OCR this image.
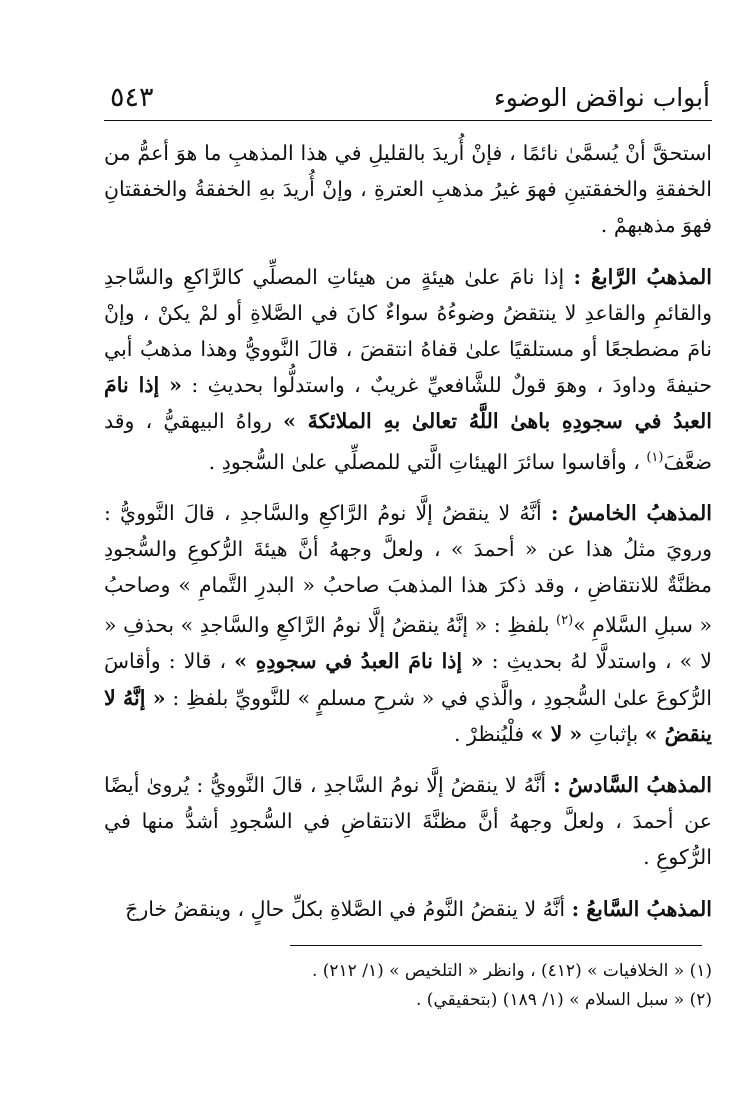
أبواب نواقض الوضوء
٥٤٣

استحقَّ أنْ يُسمَّىٰ نائمًا ، فإنْ أُريدَ بالقليلِ في هذا المذهبِ ما هوَ أعمُّ من الخفقةِ والخفقتينِ فهوَ غيرُ مذهبِ العترةِ ، وإنْ أُريدَ بهِ الخفقةُ والخفقتانِ فهوَ مذهبهمْ .

المذهبُ الرَّابعُ : إذا نامَ علىٰ هيئةٍ من هيئاتِ المصلِّي كالرَّاكعِ والسَّاجدِ والقائمِ والقاعدِ لا ينتقضُ وضوءُهُ سواءٌ كانَ في الصَّلاةِ أو لمْ يكنْ ، وإنْ نامَ مضطجعًا أو مستلقيًا علىٰ قفاهُ انتقضَ ، قالَ النَّوويُّ وهذا مذهبُ أبي حنيفةَ وداودَ ، وهوَ قولٌ للشَّافعيِّ غريبٌ ، واستدلُّوا بحديثِ : « إذا نامَ العبدُ في سجودِهِ باهىٰ اللَّهُ تعالىٰ بهِ الملائكةَ » رواهُ البيهقيُّ ، وقد ضعَّفَ$^{(١)}$ ، وأقاسوا سائرَ الهيئاتِ الَّتي للمصلِّي علىٰ السُّجودِ .

المذهبُ الخامسُ : أنَّهُ لا ينقضُ إلَّا نومُ الرَّاكعِ والسَّاجدِ ، قالَ النَّوويُّ : ورويَ مثلُ هذا عن « أحمدَ » ، ولعلَّ وجههُ أنَّ هيئةَ الرُّكوعِ والسُّجودِ مظنَّةٌ للانتقاضِ ، وقد ذكرَ هذا المذهبَ صاحبُ « البدرِ التَّمامِ » وصاحبُ « سبلِ السَّلامِ »$^{(٢)}$ بلفظِ : « إنَّهُ ينقضُ إلَّا نومُ الرَّاكعِ والسَّاجدِ » بحذفِ « لا » ، واستدلَّا لهُ بحديثِ : « إذا نامَ العبدُ في سجودِهِ » ، قالا : وأقاسَ الرُّكوعَ علىٰ السُّجودِ ، والَّذي في « شرحِ مسلمٍ » للنَّوويِّ بلفظِ : « إنَّهُ لا ينقضُ » بإثباتِ « لا » فلْيُنظرْ .

المذهبُ السَّادسُ : أنَّهُ لا ينقضُ إلَّا نومُ السَّاجدِ ، قالَ النَّوويُّ : يُروىٰ أيضًا عن أحمدَ ، ولعلَّ وجههُ أنَّ مظنَّةَ الانتقاضِ في السُّجودِ أشدُّ منها في الرُّكوعِ .

المذهبُ السَّابعُ : أنَّهُ لا ينقضُ النَّومُ في الصَّلاةِ بكلِّ حالٍ ، وينقضُ خارجَ

(١) « الخلافيات » (٤١٢) ، وانظر « التلخيص » (١/ ٢١٢) .
(٢) « سبل السلام » (١/ ١٨٩) (بتحقيقي) .
